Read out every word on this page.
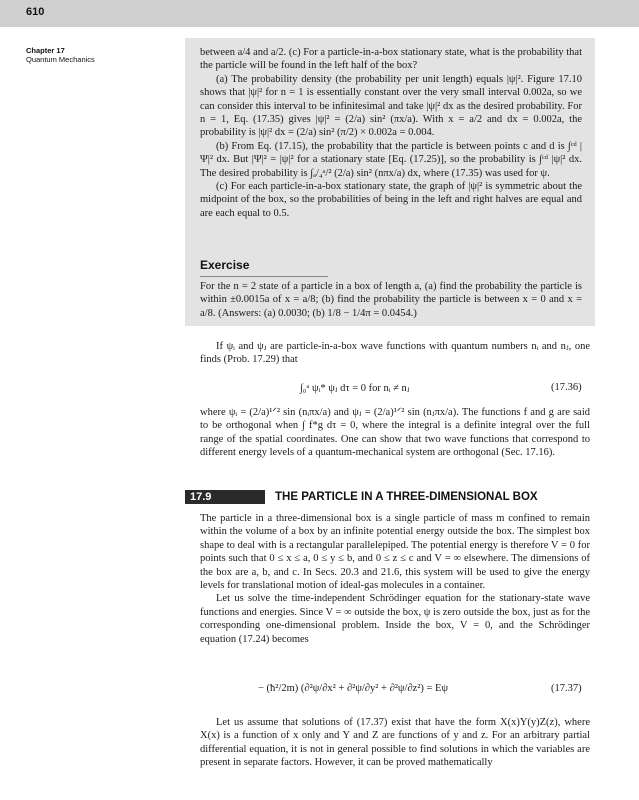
610
Chapter 17
Quantum Mechanics

between a/4 and a/2. (c) For a particle-in-a-box stationary state, what is the probability that the particle will be found in the left half of the box?

(a) The probability density (the probability per unit length) equals |ψ|². Figure 17.10 shows that |ψ|² for n = 1 is essentially constant over the very small interval 0.002a, so we can consider this interval to be infinitesimal and take |ψ|² dx as the desired probability. For n = 1, Eq. (17.35) gives |ψ|² = (2/a) sin² (πx/a). With x = a/2 and dx = 0.002a, the probability is |ψ|² dx = (2/a) sin² (π/2) × 0.002a = 0.004.

(b) From Eq. (17.15), the probability that the particle is between points c and d is ∫ᶜᵈ |Ψ|² dx. But |Ψ|² = |ψ|² for a stationary state [Eq. (17.25)], so the probability is ∫ᶜᵈ |ψ|² dx. The desired probability is ∫ₐ/₄ᵃ/² (2/a) sin² (nπx/a) dx, where (17.35) was used for ψ.

(c) For each particle-in-a-box stationary state, the graph of |ψ|² is symmetric about the midpoint of the box, so the probabilities of being in the left and right halves are equal and are each equal to 0.5.

Exercise
For the n = 2 state of a particle in a box of length a, (a) find the probability the particle is within ±0.0015a of x = a/8; (b) find the probability the particle is between x = 0 and x = a/8. (Answers: (a) 0.0030; (b) 1/8 − 1/4π = 0.0454.)

If ψᵢ and ψⱼ are particle-in-a-box wave functions with quantum numbers nᵢ and nⱼ, one finds (Prob. 17.29) that

∫₀ᵃ ψᵢ* ψⱼ dτ = 0 for nᵢ ≠ nⱼ	(17.36)

where ψᵢ = (2/a)¹ᐟ² sin (nᵢπx/a) and ψⱼ = (2/a)¹ᐟ² sin (nⱼπx/a). The functions f and g are said to be orthogonal when ∫ f*g dτ = 0, where the integral is a definite integral over the full range of the spatial coordinates. One can show that two wave functions that correspond to different energy levels of a quantum-mechanical system are orthogonal (Sec. 17.16).

17.9	THE PARTICLE IN A THREE-DIMENSIONAL BOX

The particle in a three-dimensional box is a single particle of mass m confined to remain within the volume of a box by an infinite potential energy outside the box. The simplest box shape to deal with is a rectangular parallelepiped. The potential energy is therefore V = 0 for points such that 0 ≤ x ≤ a, 0 ≤ y ≤ b, and 0 ≤ z ≤ c and V = ∞ elsewhere. The dimensions of the box are a, b, and c. In Secs. 20.3 and 21.6, this system will be used to give the energy levels for translational motion of ideal-gas molecules in a container.

Let us solve the time-independent Schrödinger equation for the stationary-state wave functions and energies. Since V = ∞ outside the box, ψ is zero outside the box, just as for the corresponding one-dimensional problem. Inside the box, V = 0, and the Schrödinger equation (17.24) becomes

− (ħ²/2m) (∂²ψ/∂x² + ∂²ψ/∂y² + ∂²ψ/∂z²) = Eψ	(17.37)

Let us assume that solutions of (17.37) exist that have the form X(x)Y(y)Z(z), where X(x) is a function of x only and Y and Z are functions of y and z. For an arbitrary partial differential equation, it is not in general possible to find solutions in which the variables are present in separate factors. However, it can be proved mathematically
